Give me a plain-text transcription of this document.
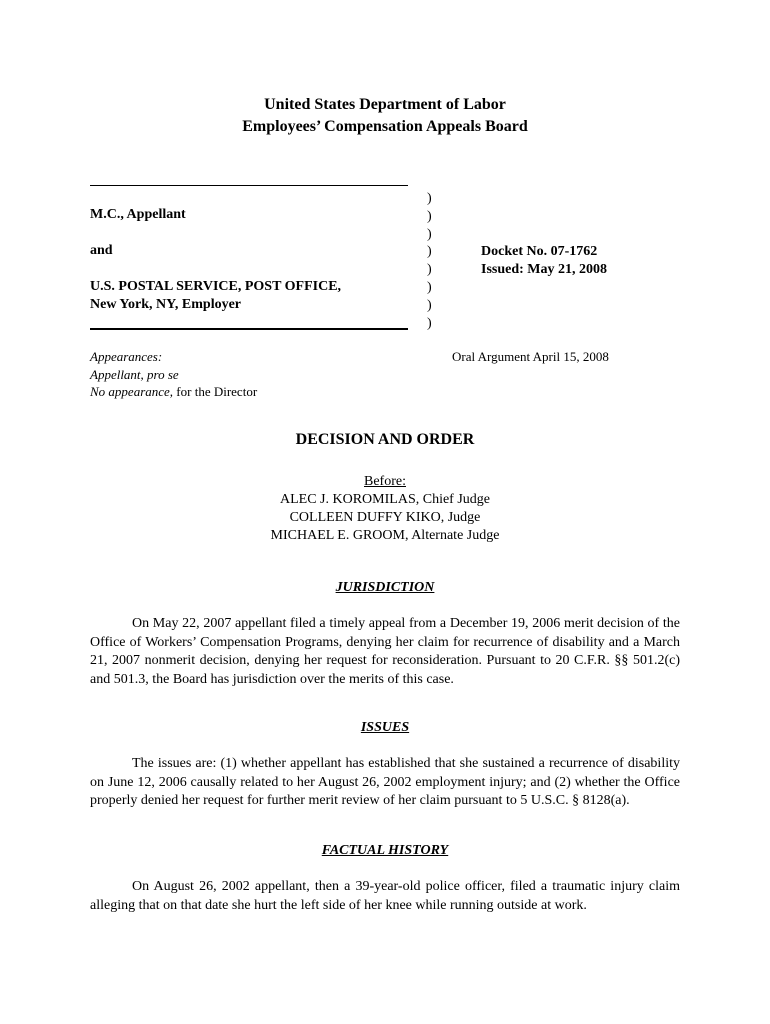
United States Department of Labor
Employees’ Compensation Appeals Board
M.C., Appellant
and
U.S. POSTAL SERVICE, POST OFFICE,
New York, NY, Employer
)
)
)
)
)
)
)
)
Docket No. 07-1762
Issued: May 21, 2008
Appearances:
Appellant, pro se
No appearance, for the Director
Oral Argument April 15, 2008
DECISION AND ORDER
Before:
ALEC J. KOROMILAS, Chief Judge
COLLEEN DUFFY KIKO, Judge
MICHAEL E. GROOM, Alternate Judge
JURISDICTION
On May 22, 2007 appellant filed a timely appeal from a December 19, 2006 merit decision of the Office of Workers’ Compensation Programs, denying her claim for recurrence of disability and a March 21, 2007 nonmerit decision, denying her request for reconsideration. Pursuant to 20 C.F.R. §§ 501.2(c) and 501.3, the Board has jurisdiction over the merits of this case.
ISSUES
The issues are: (1) whether appellant has established that she sustained a recurrence of disability on June 12, 2006 causally related to her August 26, 2002 employment injury; and (2) whether the Office properly denied her request for further merit review of her claim pursuant to 5 U.S.C. § 8128(a).
FACTUAL HISTORY
On August 26, 2002 appellant, then a 39-year-old police officer, filed a traumatic injury claim alleging that on that date she hurt the left side of her knee while running outside at work.
